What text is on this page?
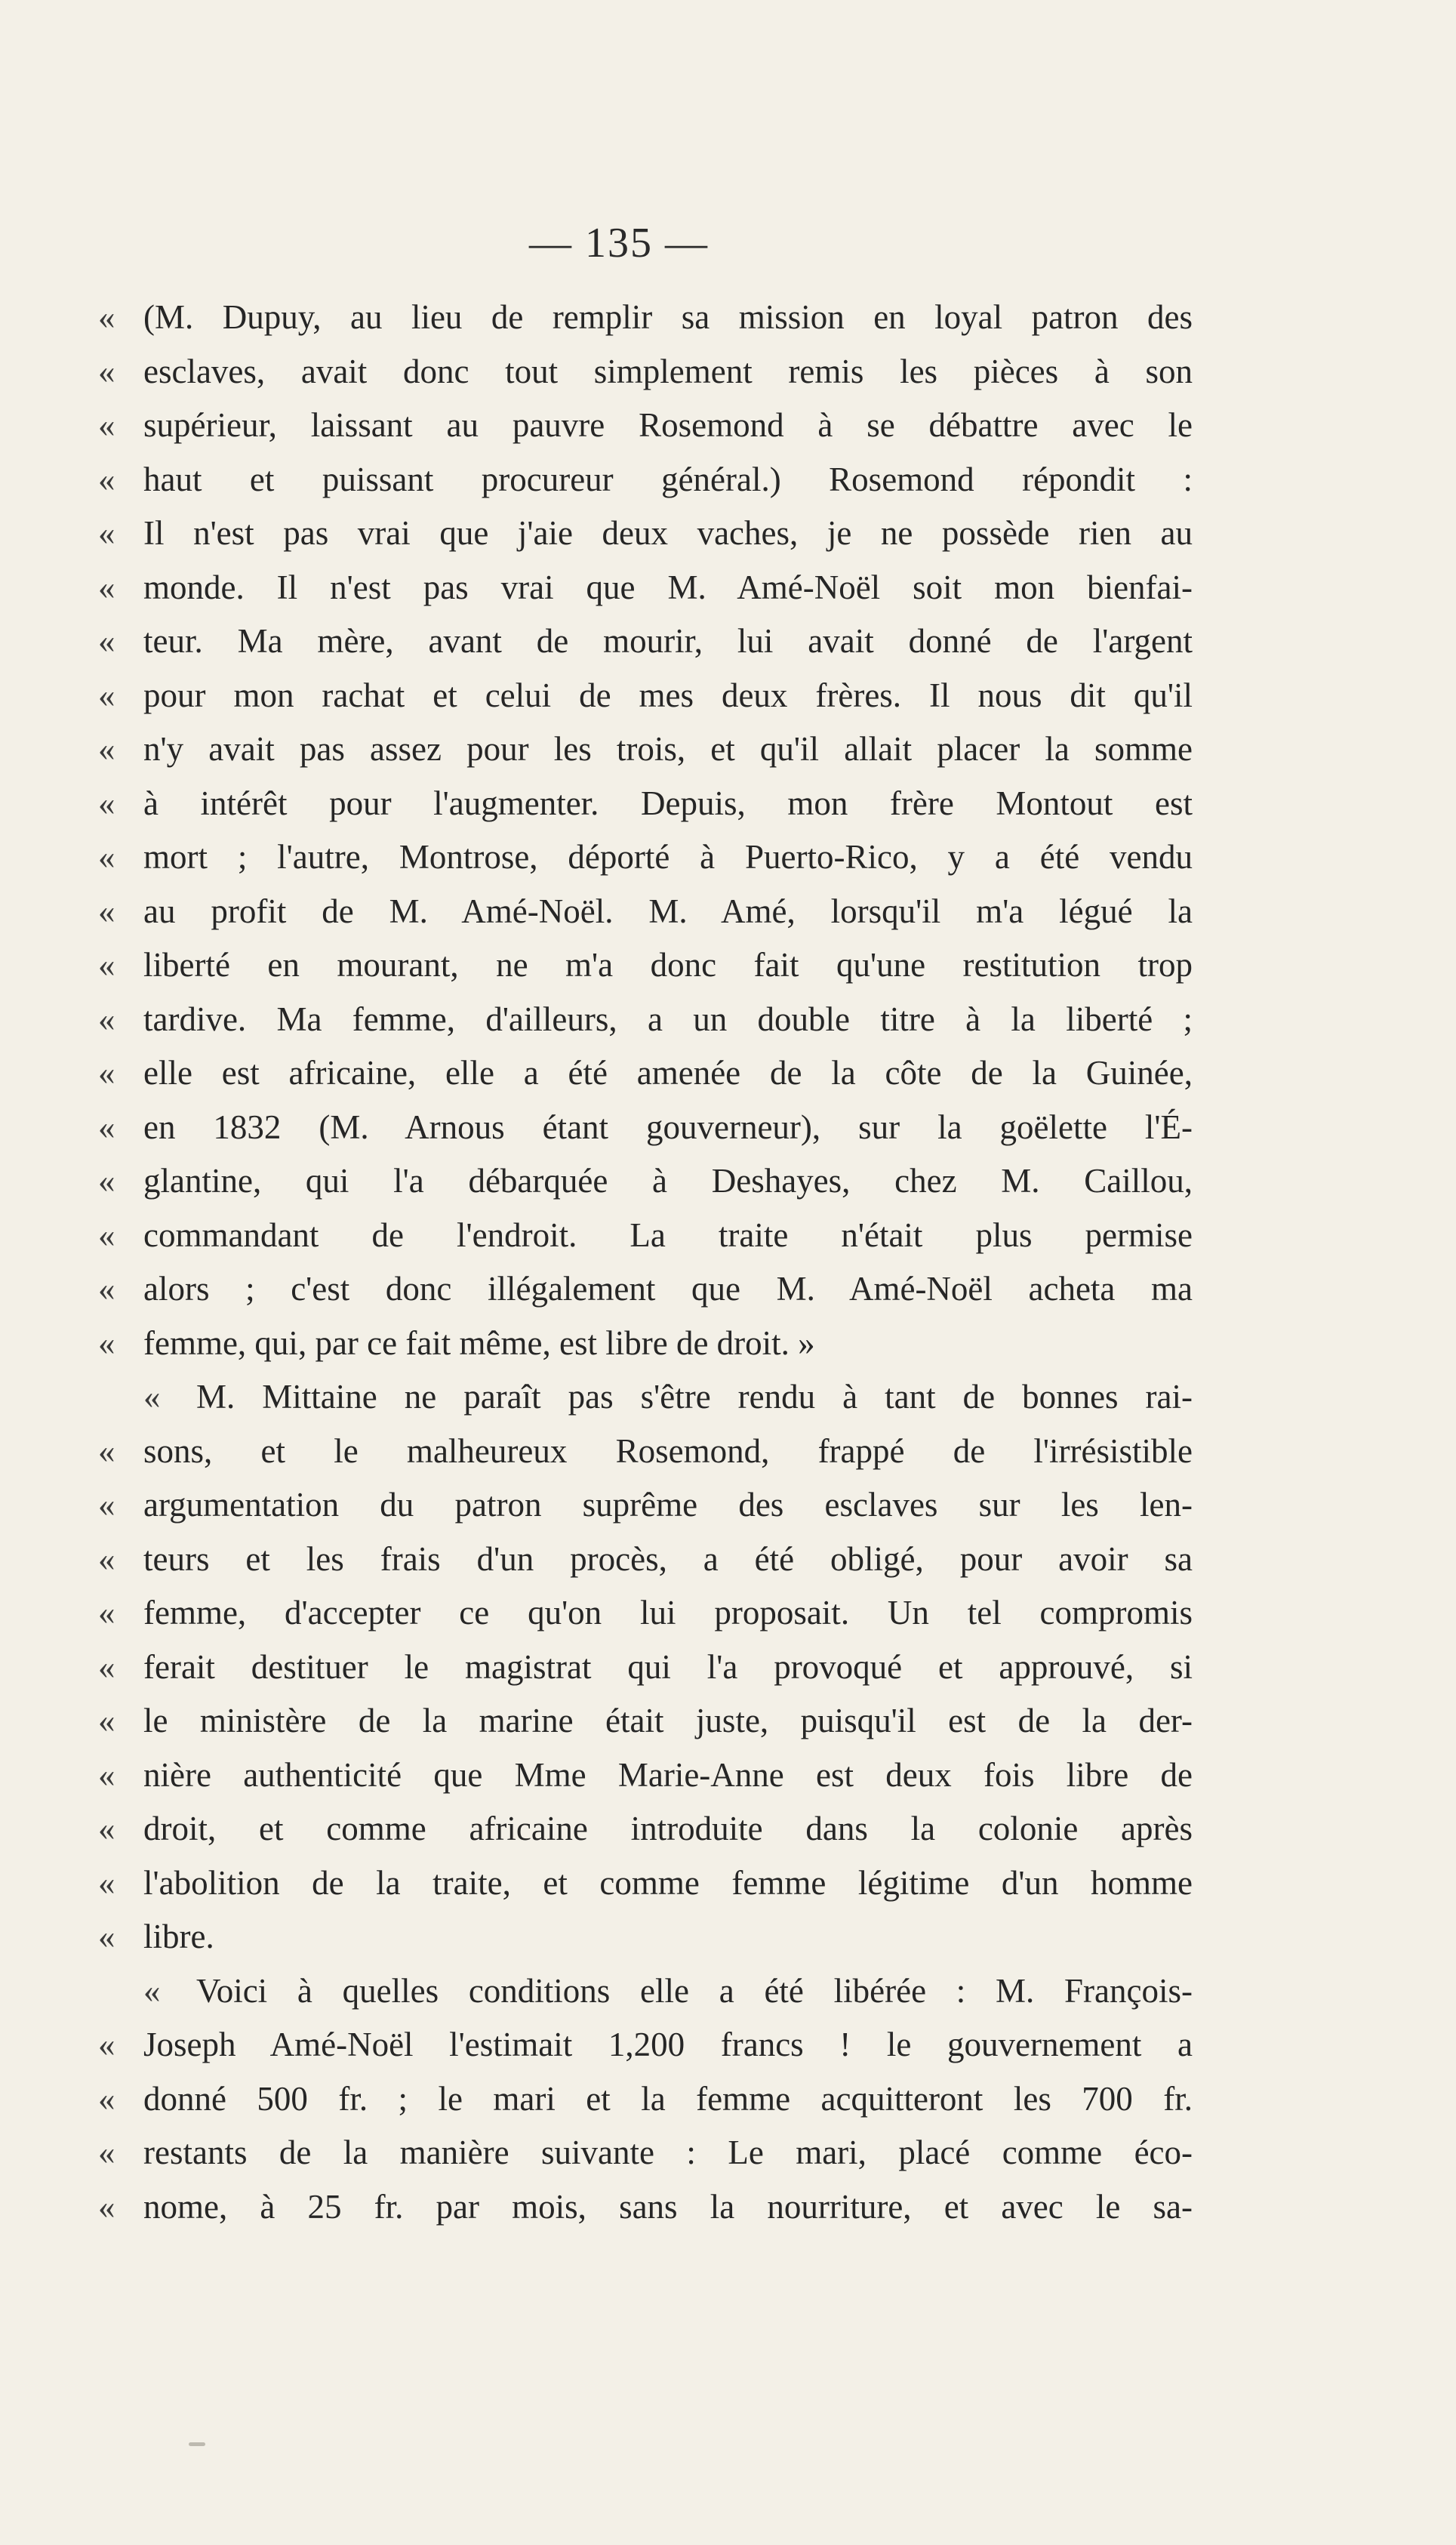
— 135 —
« (M. Dupuy, au lieu de remplir sa mission en loyal patron des
« esclaves, avait donc tout simplement remis les pièces à son
« supérieur, laissant au pauvre Rosemond à se débattre avec le
« haut et puissant procureur général.) Rosemond répondit :
« Il n'est pas vrai que j'aie deux vaches, je ne possède rien au
« monde. Il n'est pas vrai que M. Amé-Noël soit mon bienfai-
« teur. Ma mère, avant de mourir, lui avait donné de l'argent
« pour mon rachat et celui de mes deux frères. Il nous dit qu'il
« n'y avait pas assez pour les trois, et qu'il allait placer la somme
« à intérêt pour l'augmenter. Depuis, mon frère Montout est
« mort ; l'autre, Montrose, déporté à Puerto-Rico, y a été vendu
« au profit de M. Amé-Noël. M. Amé, lorsqu'il m'a légué la
« liberté en mourant, ne m'a donc fait qu'une restitution trop
« tardive. Ma femme, d'ailleurs, a un double titre à la liberté ;
« elle est africaine, elle a été amenée de la côte de la Guinée,
« en 1832 (M. Arnous étant gouverneur), sur la goëlette l'É-
« glantine, qui l'a débarquée à Deshayes, chez M. Caillou,
« commandant de l'endroit. La traite n'était plus permise
« alors ; c'est donc illégalement que M. Amé-Noël acheta ma
« femme, qui, par ce fait même, est libre de droit. »
«	M. Mittaine ne paraît pas s'être rendu à tant de bonnes rai-
« sons, et le malheureux Rosemond, frappé de l'irrésistible
« argumentation du patron suprême des esclaves sur les len-
« teurs et les frais d'un procès, a été obligé, pour avoir sa
« femme, d'accepter ce qu'on lui proposait. Un tel compromis
« ferait destituer le magistrat qui l'a provoqué et approuvé, si
« le ministère de la marine était juste, puisqu'il est de la der-
« nière authenticité que Mme Marie-Anne est deux fois libre de
« droit, et comme africaine introduite dans la colonie après
« l'abolition de la traite, et comme femme légitime d'un homme
« libre.
«	Voici à quelles conditions elle a été libérée : M. François-
« Joseph Amé-Noël l'estimait 1,200 francs ! le gouvernement a
« donné 500 fr. ; le mari et la femme acquitteront les 700 fr.
« restants de la manière suivante : Le mari, placé comme éco-
« nome, à 25 fr. par mois, sans la nourriture, et avec le sa-
